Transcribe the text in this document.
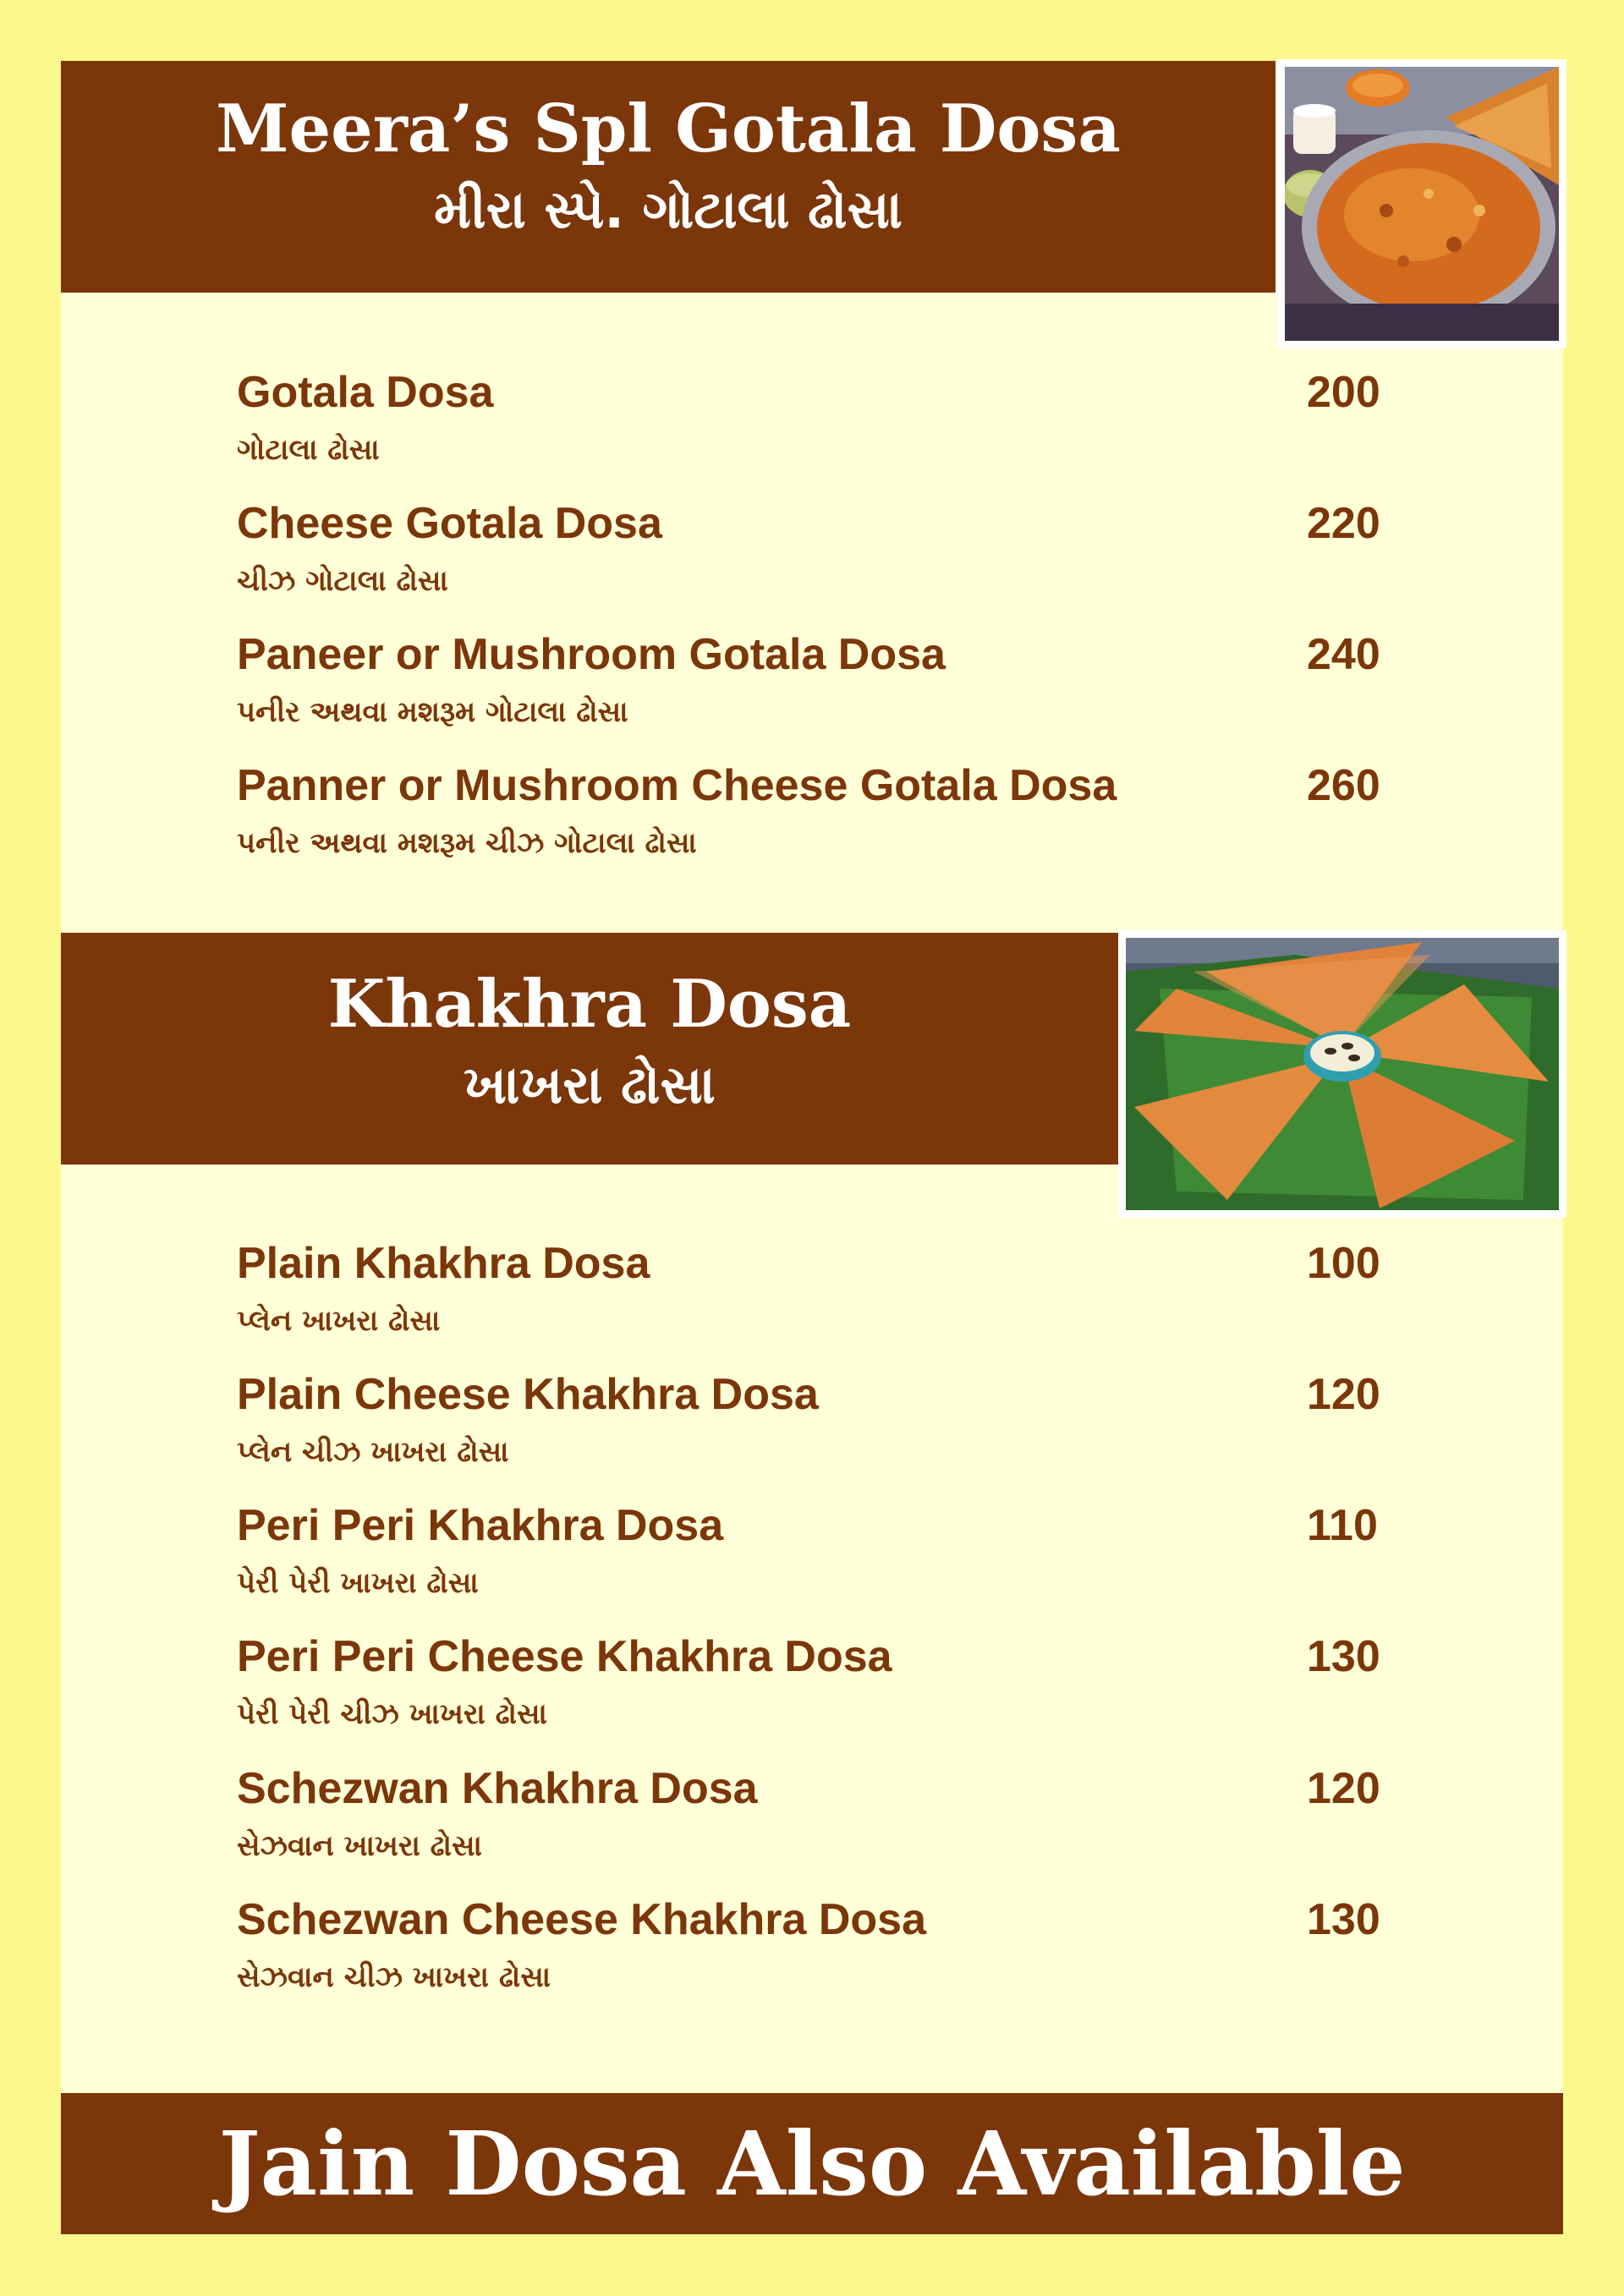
Meera’s Spl Gotala Dosa
મીરા સ્પે. ગોટાલા ઢોસા
Gotala Dosa	200
ગોટાલા ઢોસા
Cheese Gotala Dosa	220
ચીઝ ગોટાલા ઢોસા
Paneer or Mushroom Gotala Dosa	240
પનીર અથવા મશરૂમ ગોટાલા ઢોસા
Panner or Mushroom Cheese Gotala Dosa	260
પનીર અથવા મશરૂમ ચીઝ ગોટાલા ઢોસા
Khakhra Dosa
ખાખરા ઢોસા
Plain Khakhra Dosa	100
પ્લેન ખાખરા ઢોસા
Plain Cheese Khakhra Dosa	120
પ્લેન ચીઝ ખાખરા ઢોસા
Peri Peri Khakhra Dosa	110
પેરી પેરી ખાખરા ઢોસા
Peri Peri Cheese Khakhra Dosa	130
પેરી પેરી ચીઝ ખાખરા ઢોસા
Schezwan Khakhra Dosa	120
સેઝવાન ખાખરા ઢોસા
Schezwan Cheese Khakhra Dosa	130
સેઝવાન ચીઝ ખાખરા ઢોસા
Jain Dosa Also Available
